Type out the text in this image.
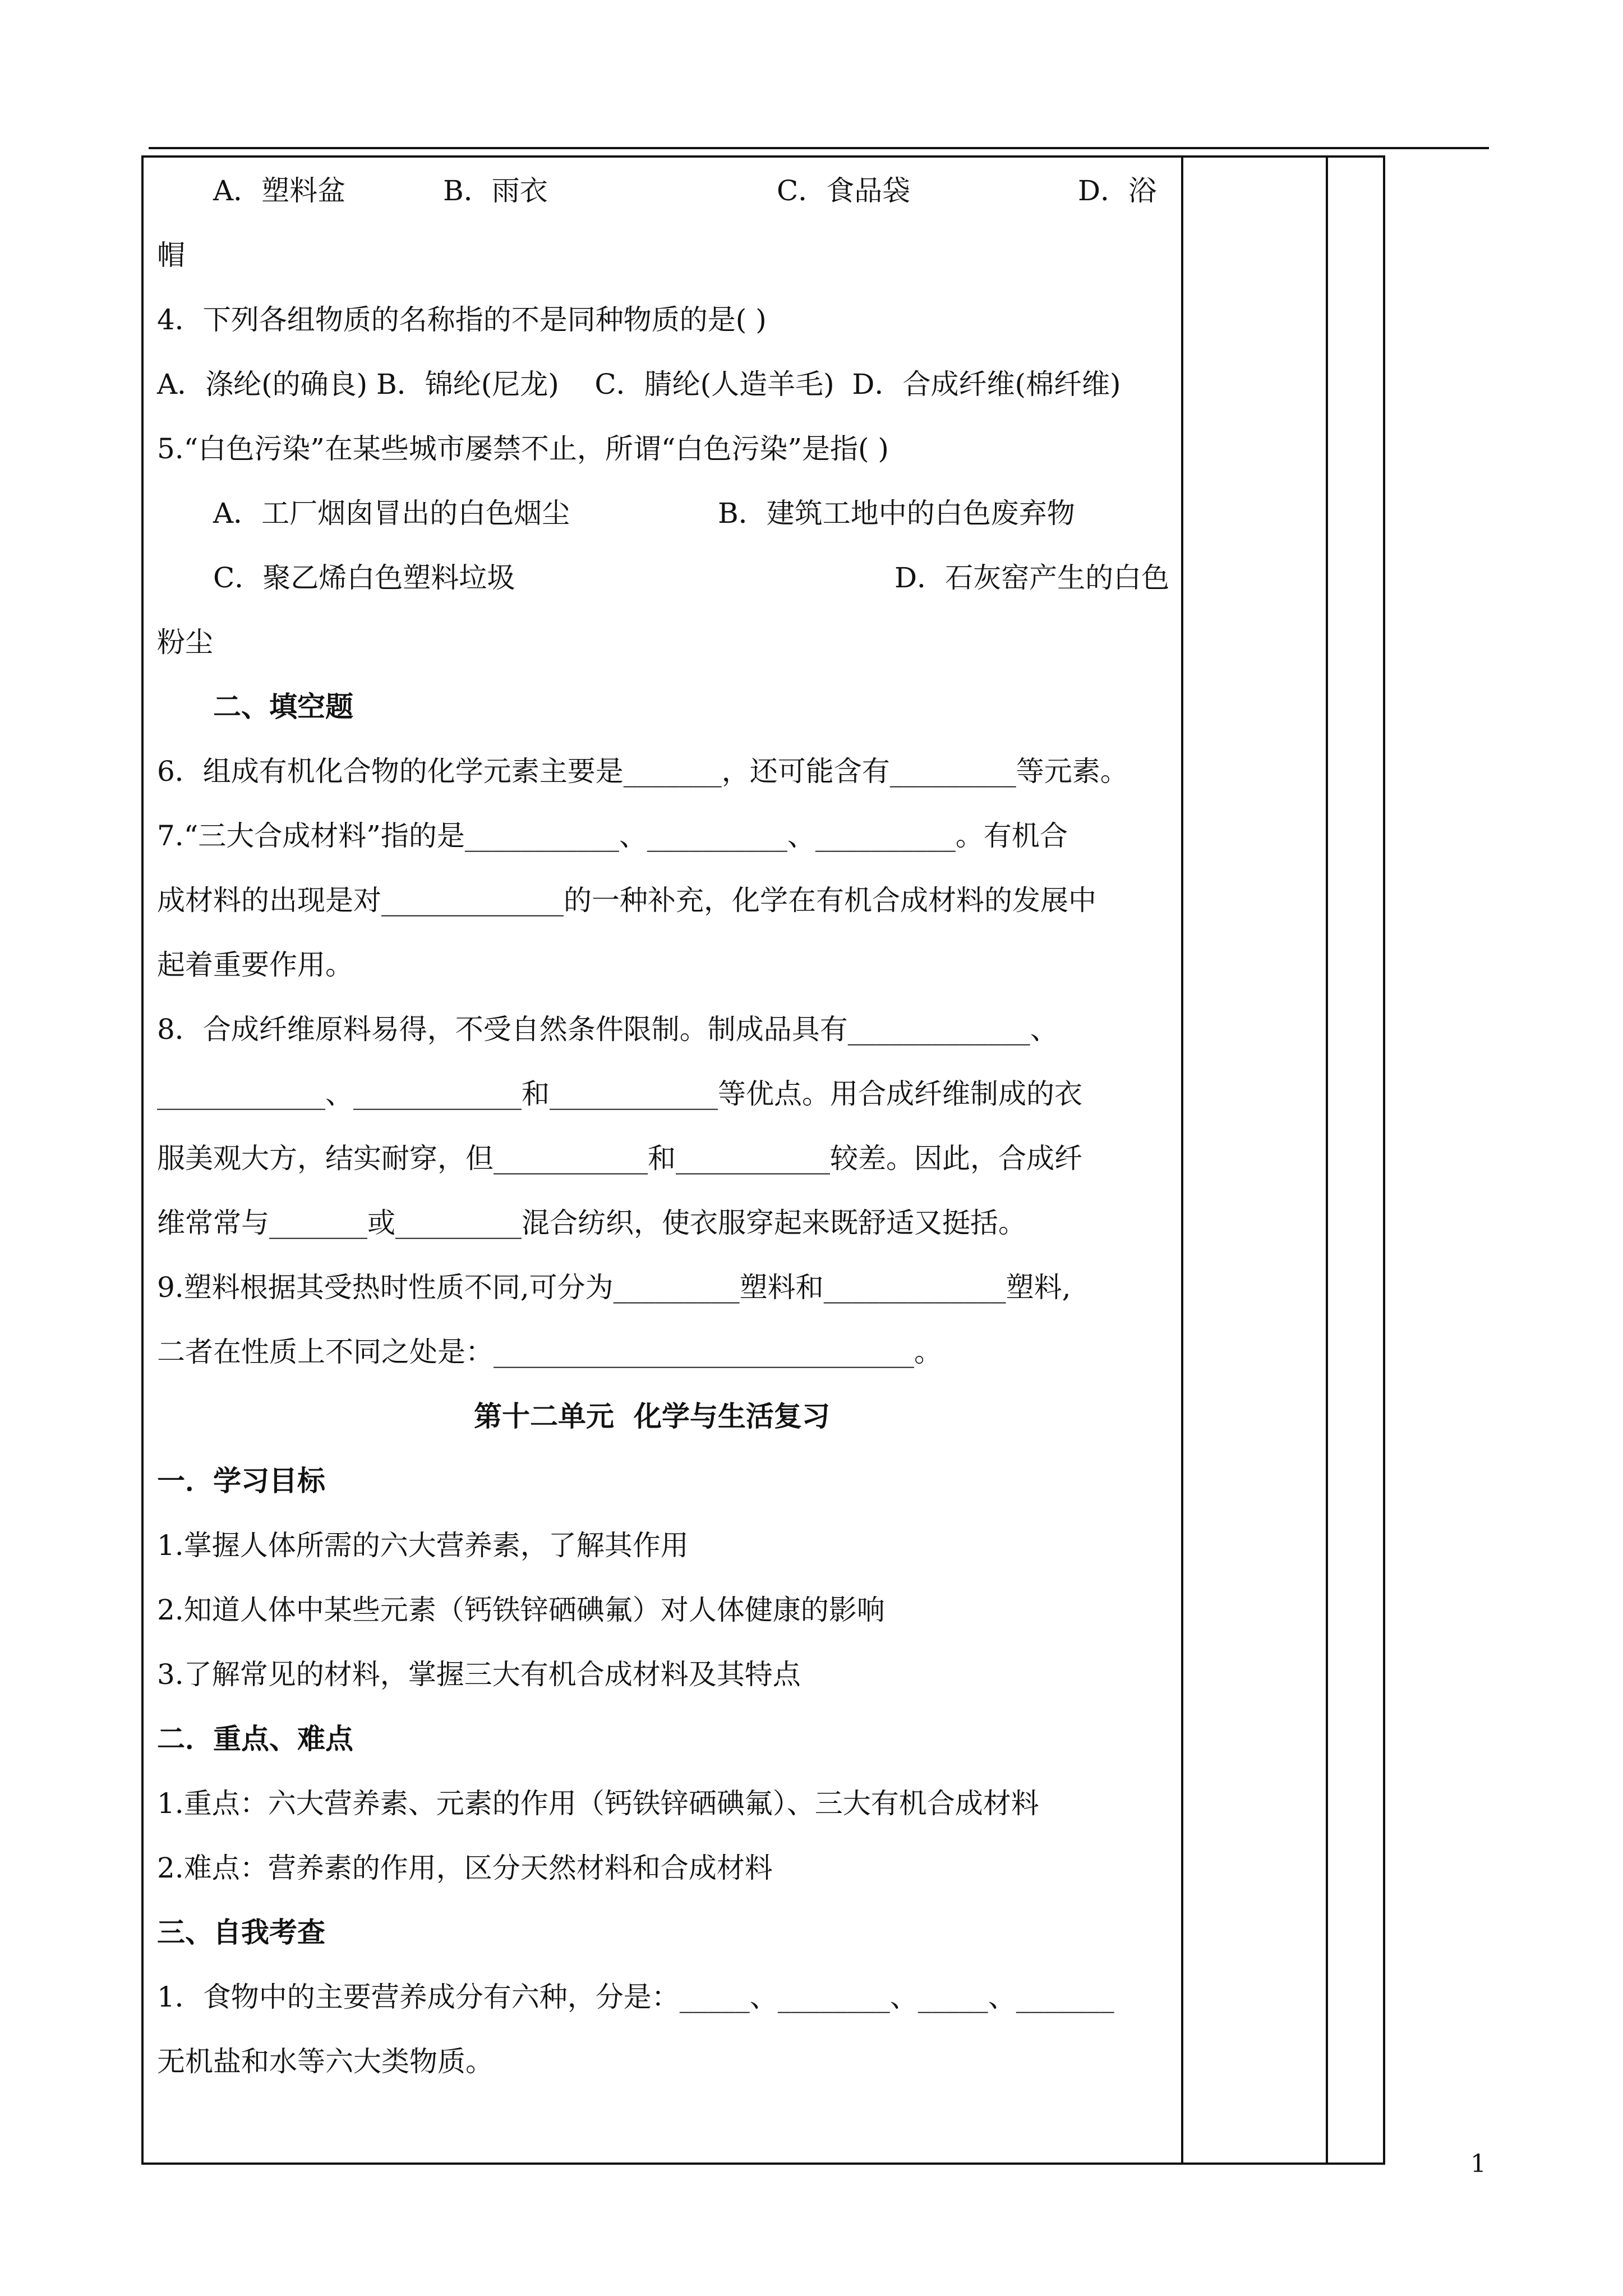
A．塑料盆	B．雨衣	C．食品袋	D．浴
帽
4．下列各组物质的名称指的不是同种物质的是( )
A．涤纶(的确良) B．锦纶(尼龙)    C．腈纶(人造羊毛)  D．合成纤维(棉纤维)
5.“白色污染”在某些城市屡禁不止，所谓“白色污染”是指( )
A．工厂烟囱冒出的白色烟尘	B．建筑工地中的白色废弃物
C．聚乙烯白色塑料垃圾	D．石灰窑产生的白色
粉尘
二、填空题
6．组成有机化合物的化学元素主要是_______，还可能含有_________等元素。
7.“三大合成材料”指的是___________、__________、__________。有机合
成材料的出现是对_____________的一种补充，化学在有机合成材料的发展中
起着重要作用。
8．合成纤维原料易得，不受自然条件限制。制成品具有_____________、
____________、____________和____________等优点。用合成纤维制成的衣
服美观大方，结实耐穿，但___________和___________较差。因此，合成纤
维常常与_______或_________混合纺织，使衣服穿起来既舒适又挺括。
9.塑料根据其受热时性质不同,可分为_________塑料和_____________塑料,
二者在性质上不同之处是：______________________________。
第十二单元  化学与生活复习
一．学习目标
1.掌握人体所需的六大营养素，了解其作用
2.知道人体中某些元素（钙铁锌硒碘氟）对人体健康的影响
3.了解常见的材料，掌握三大有机合成材料及其特点
二．重点、难点
1.重点：六大营养素、元素的作用（钙铁锌硒碘氟）、三大有机合成材料
2.难点：营养素的作用，区分天然材料和合成材料
三、自我考查
1．食物中的主要营养成分有六种，分是：_____、________、_____、_______
无机盐和水等六大类物质。
1
